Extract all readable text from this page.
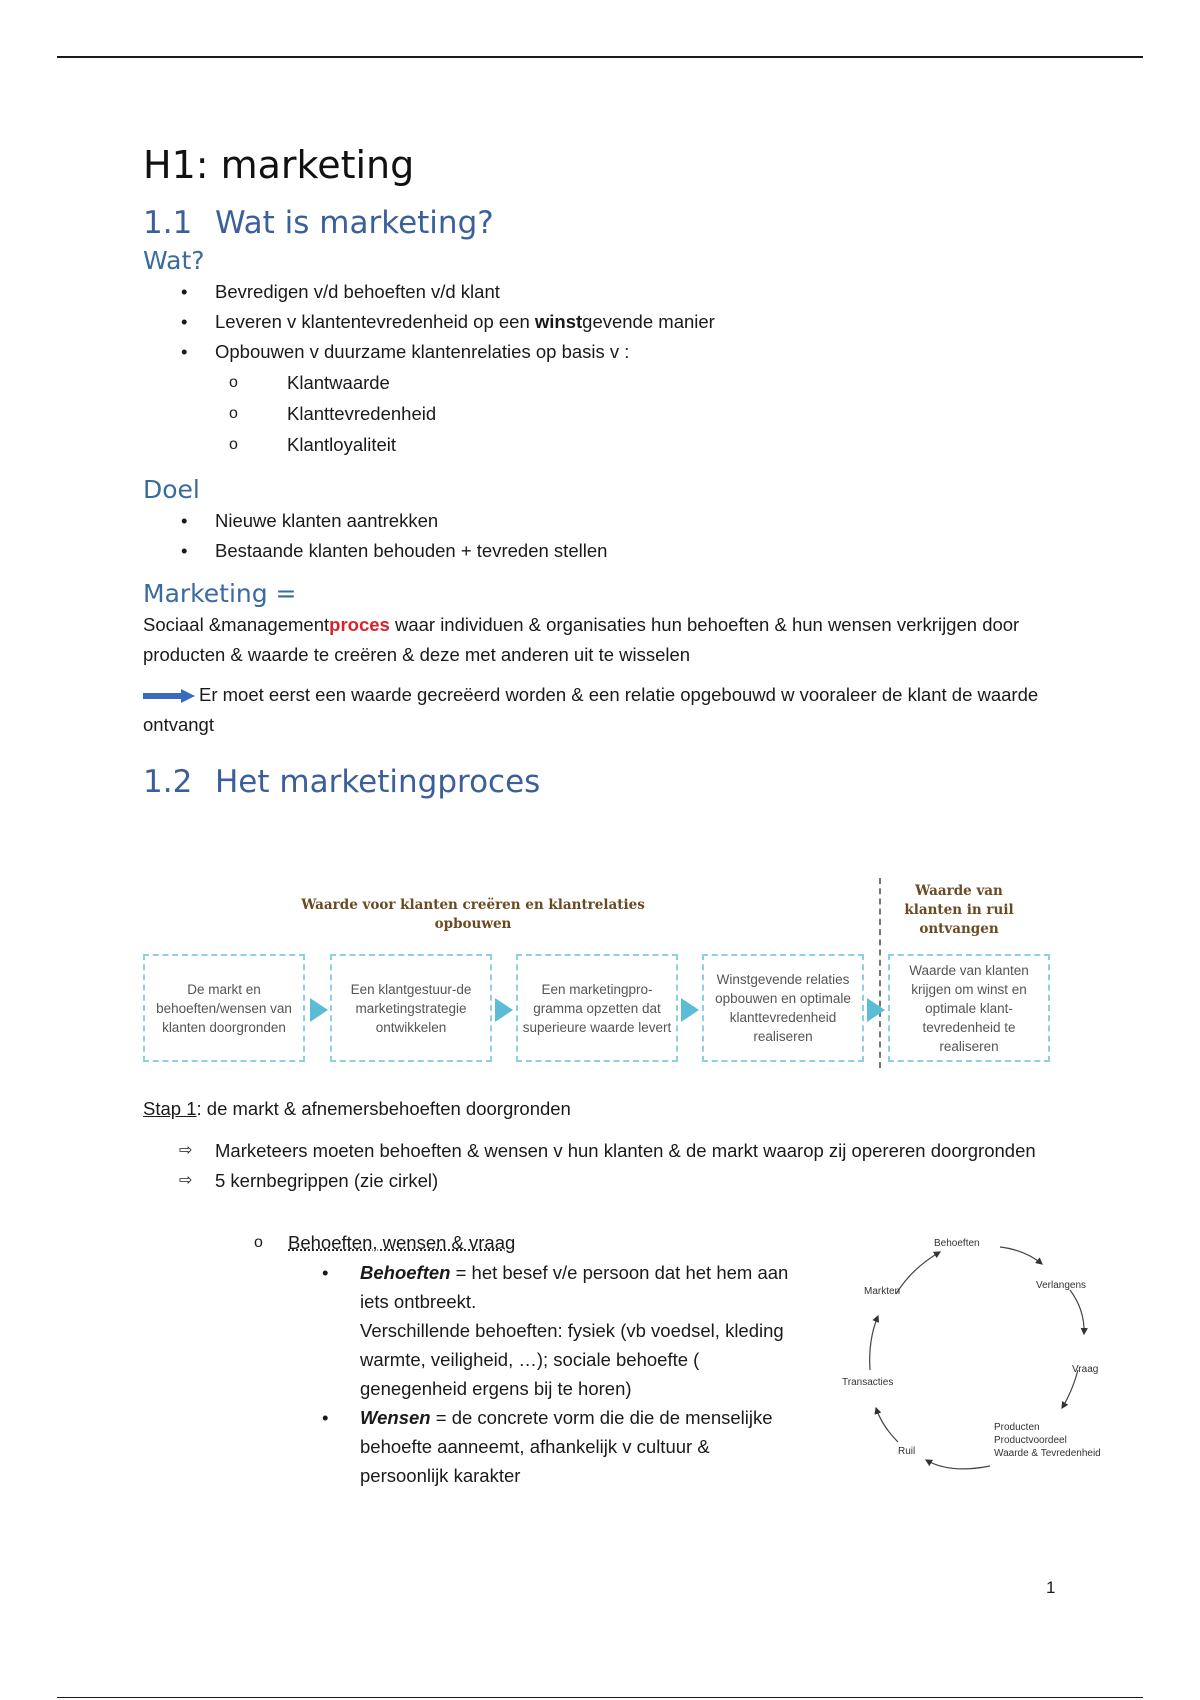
H1: marketing
1.1 Wat is marketing?
Wat?
• Bevredigen v/d behoeften v/d klant
• Leveren v klantentevredenheid op een winstgevende manier
• Opbouwen v duurzame klantenrelaties op basis v :
o	Klantwaarde
o	Klanttevredenheid
o	Klantloyaliteit
Doel
• Nieuwe klanten aantrekken
• Bestaande klanten behouden + tevreden stellen
Marketing =
Sociaal &managementproces waar individuen & organisaties hun behoeften & hun wensen verkrijgen door producten & waarde te creëren & deze met anderen uit te wisselen
Er moet eerst een waarde gecreëerd worden & een relatie opgebouwd w vooraleer de klant de waarde ontvangt
1.2 Het marketingproces
Waarde voor klanten creëren en klantrelaties opbouwen
Waarde van klanten in ruil ontvangen
De markt en behoeften/wensen van klanten doorgronden
Een klantgestuur-de marketingstrategie ontwikkelen
Een marketingpro-gramma opzetten dat superieure waarde levert
Winstgevende relaties opbouwen en optimale klanttevredenheid realiseren
Waarde van klanten krijgen om winst en optimale klant-tevredenheid te realiseren
Stap 1: de markt & afnemersbehoeften doorgronden
⇨ Marketeers moeten behoeften & wensen v hun klanten & de markt waarop zij opereren doorgronden
⇨ 5 kernbegrippen (zie cirkel)
o Behoeften, wensen & vraag
• Behoeften = het besef v/e persoon dat het hem aan iets ontbreekt.
Verschillende behoeften: fysiek (vb voedsel, kleding warmte, veiligheid, …); sociale behoefte ( genegenheid ergens bij te horen)
• Wensen = de concrete vorm die die de menselijke behoefte aanneemt, afhankelijk v cultuur & persoonlijk karakter
Behoeften
Verlangens
Vraag
Producten
Productvoordeel
Waarde & Tevredenheid
Ruil
Transacties
Markten
1
